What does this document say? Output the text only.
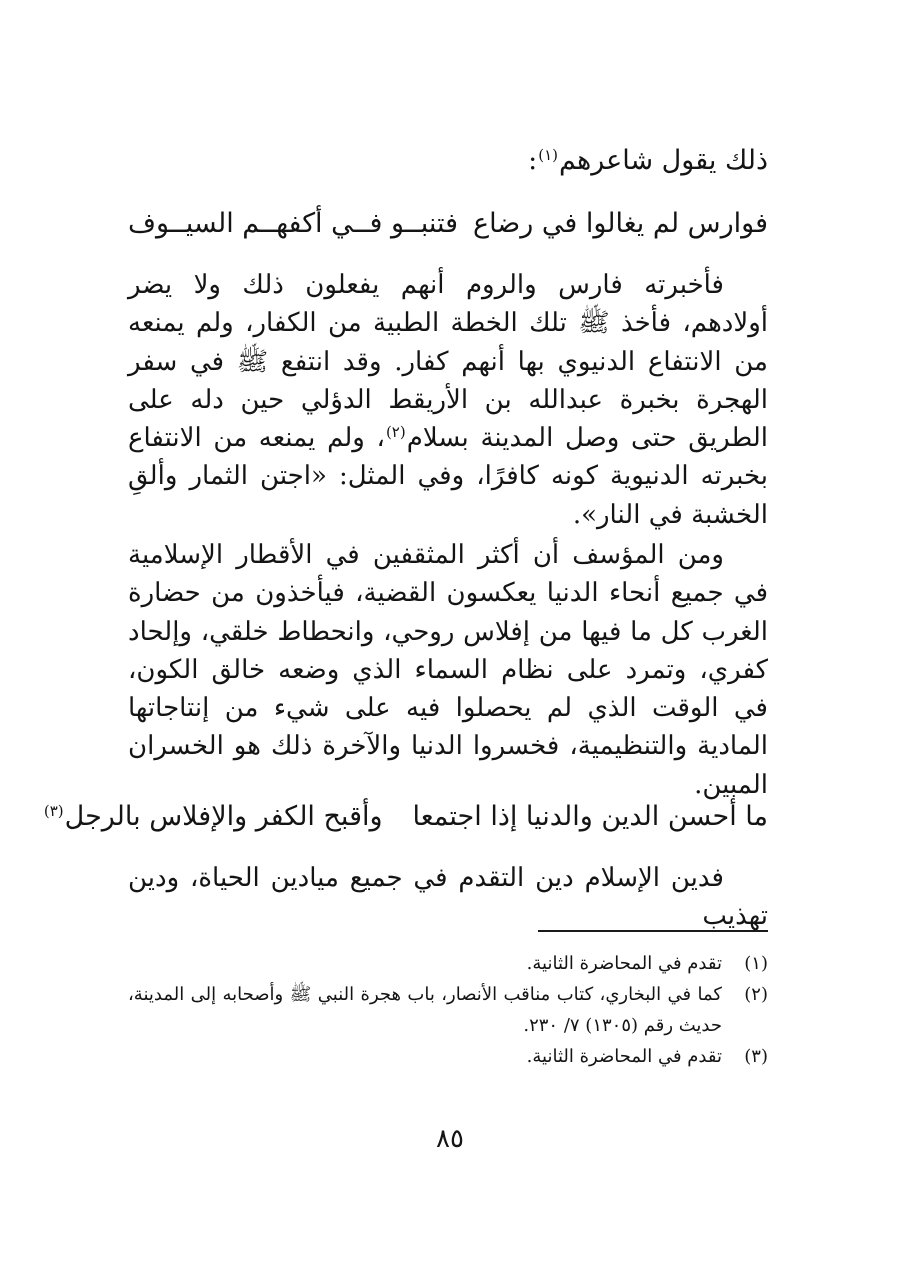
ذلك يقول شاعرهم$^{(١)}$:
فوارس لم يغالوا في رضاع
فتنبــو فــي أكفهــم السيــوف
فأخبرته فارس والروم أنهم يفعلون ذلك ولا يضر أولادهم، فأخذ ﷺ تلك الخطة الطبية من الكفار، ولم يمنعه من الانتفاع الدنيوي بها أنهم كفار. وقد انتفع ﷺ في سفر الهجرة بخبرة عبدالله بن الأريقط الدؤلي حين دله على الطريق حتى وصل المدينة بسلام$^{(٢)}$، ولم يمنعه من الانتفاع بخبرته الدنيوية كونه كافرًا، وفي المثل: «اجتن الثمار وألقِ الخشبة في النار».
ومن المؤسف أن أكثر المثقفين في الأقطار الإسلامية في جميع أنحاء الدنيا يعكسون القضية، فيأخذون من حضارة الغرب كل ما فيها من إفلاس روحي، وانحطاط خلقي، وإلحاد كفري، وتمرد على نظام السماء الذي وضعه خالق الكون، في الوقت الذي لم يحصلوا فيه على شيء من إنتاجاتها المادية والتنظيمية، فخسروا الدنيا والآخرة ذلك هو الخسران المبين.
ما أحسن الدين والدنيا إذا اجتمعا
وأقبح الكفر والإفلاس بالرجل$^{(٣)}$
فدين الإسلام دين التقدم في جميع ميادين الحياة، ودين تهذيب
(١)
تقدم في المحاضرة الثانية.
(٢)
كما في البخاري، كتاب مناقب الأنصار، باب هجرة النبي ﷺ وأصحابه إلى المدينة، حديث رقم (١٣٠٥) ٧/ ٢٣٠.
(٣)
تقدم في المحاضرة الثانية.
٨٥
